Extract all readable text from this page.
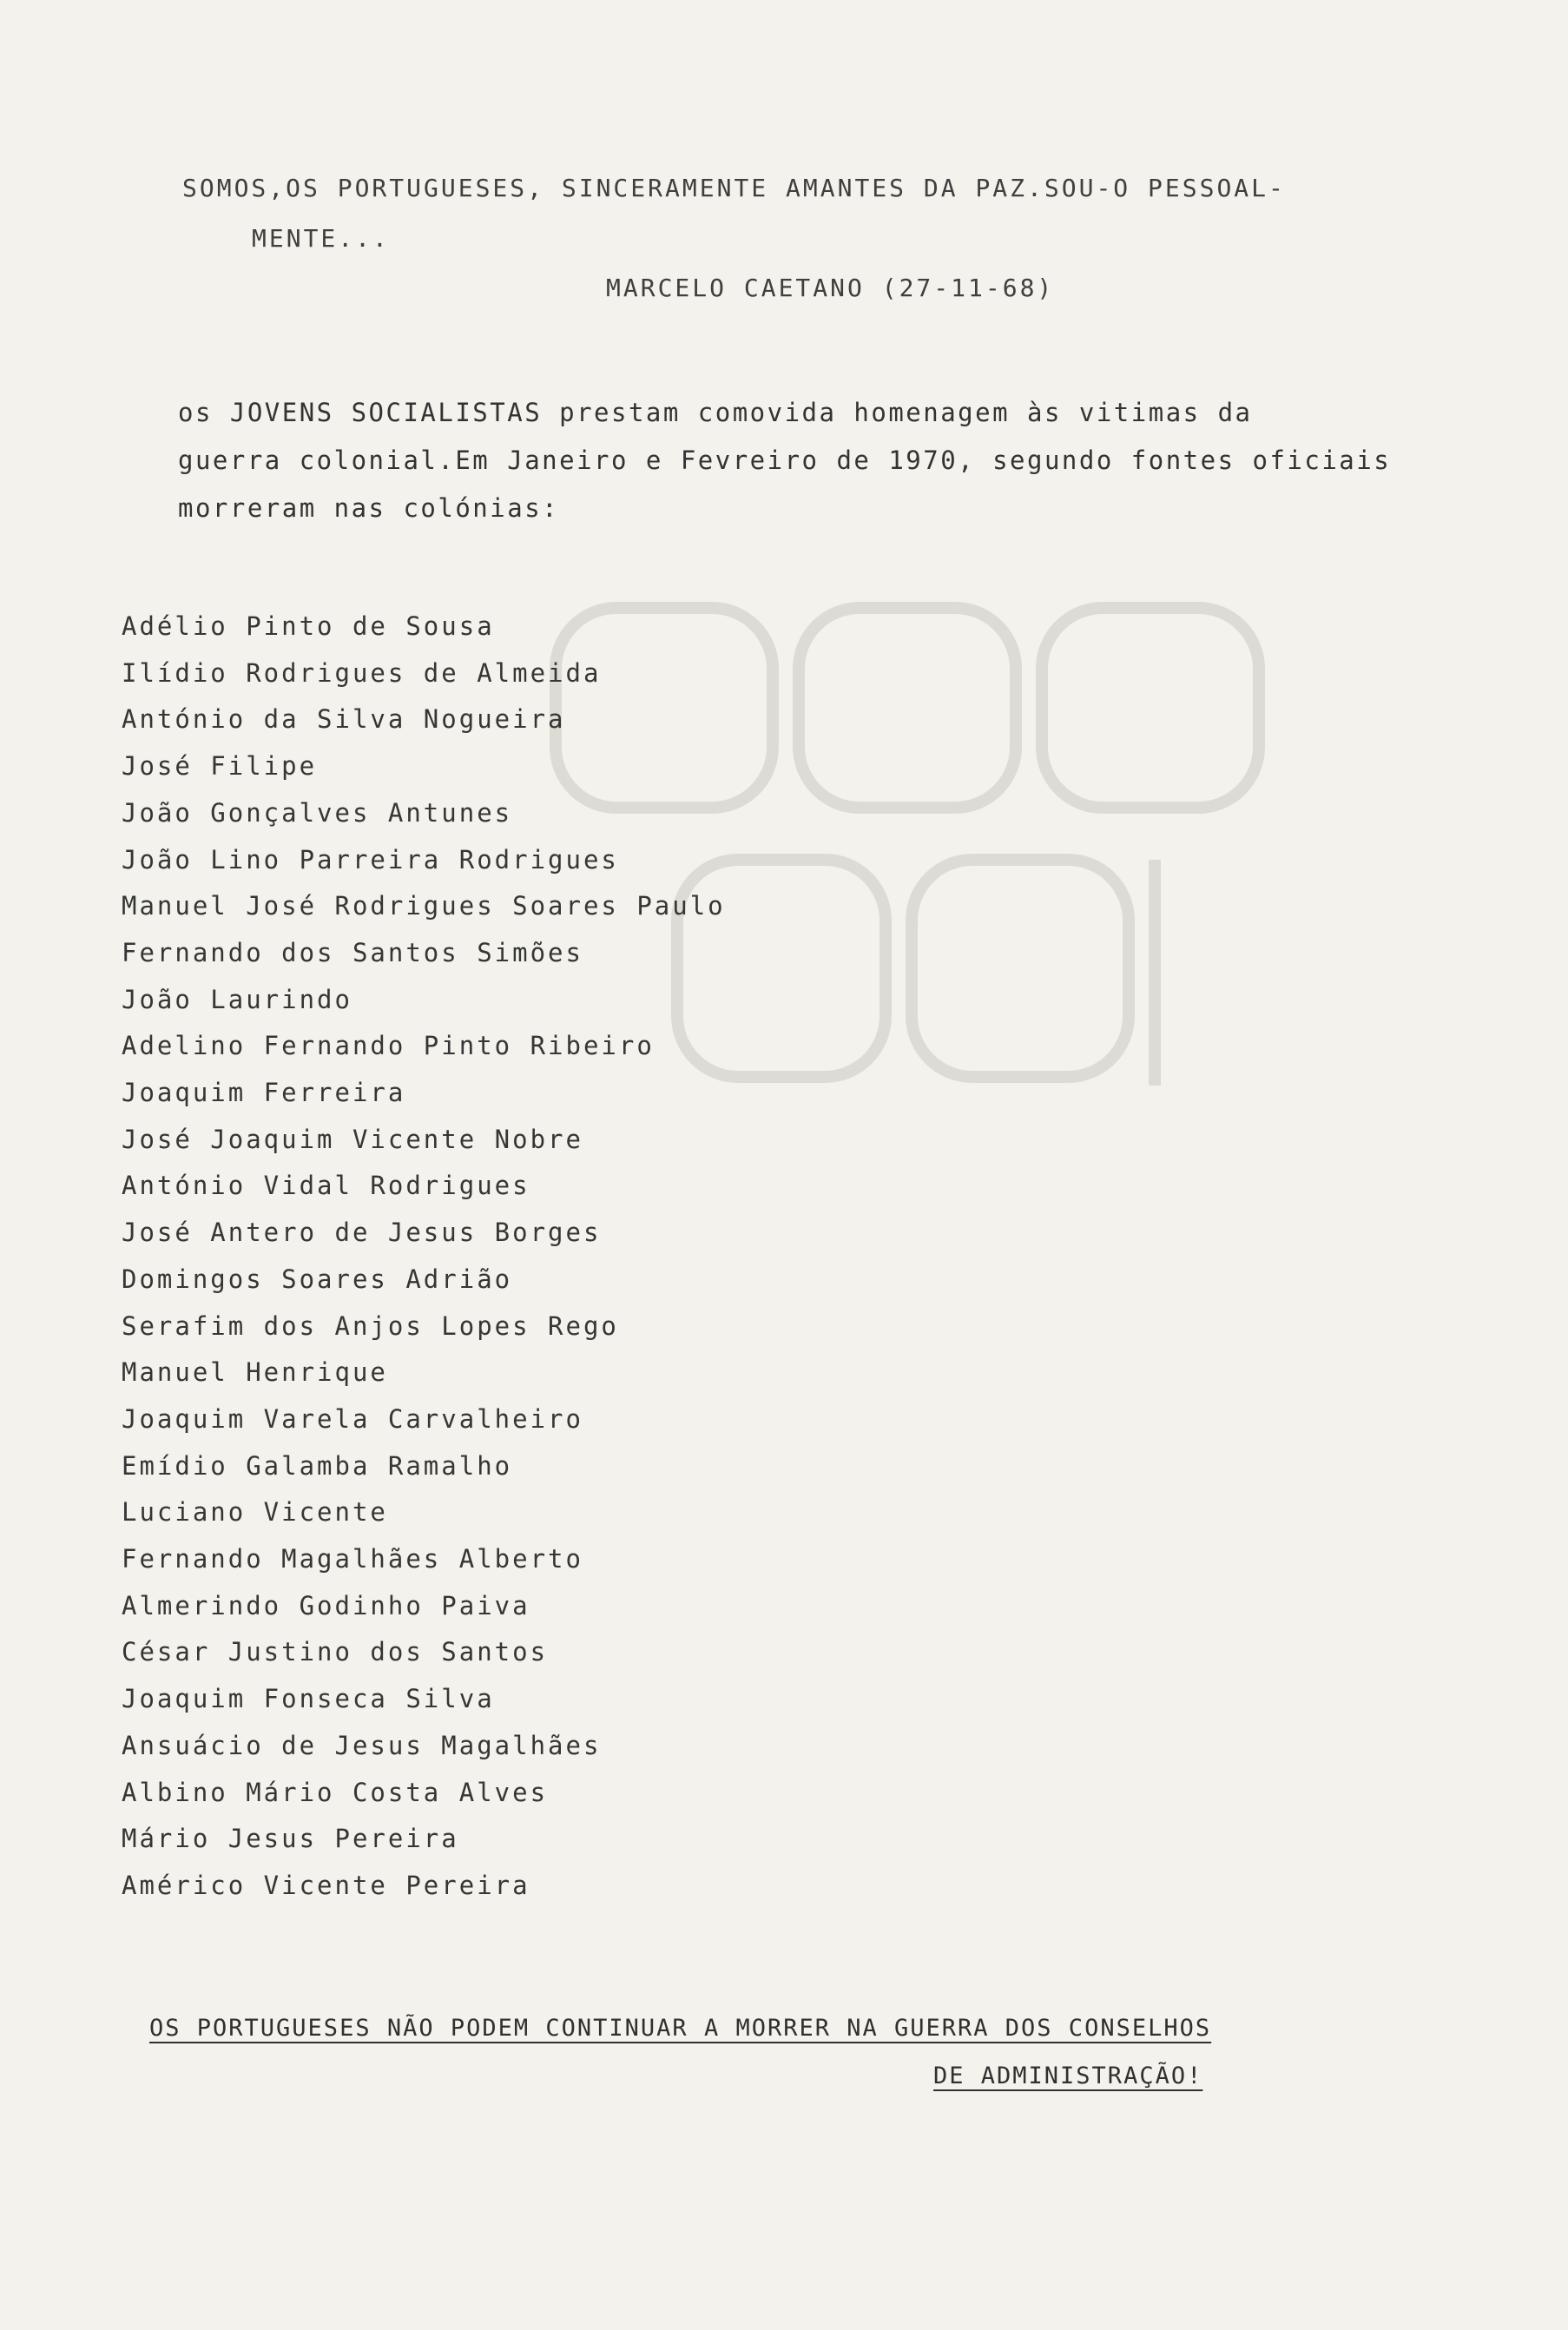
SOMOS,OS PORTUGUESES, SINCERAMENTE AMANTES DA PAZ.SOU-O PESSOAL-
MENTE...
MARCELO CAETANO (27-11-68)

os JOVENS SOCIALISTAS prestam comovida homenagem às vitimas da

guerra colonial.Em Janeiro e Fevreiro de 1970, segundo fontes oficiais

morreram nas colónias:

Adélio Pinto de Sousa
Ilídio Rodrigues de Almeida
António da Silva Nogueira
José Filipe
João Gonçalves Antunes
João Lino Parreira Rodrigues
Manuel José Rodrigues Soares Paulo
Fernando dos Santos Simões
João Laurindo
Adelino Fernando Pinto Ribeiro
Joaquim Ferreira
José Joaquim Vicente Nobre
António Vidal Rodrigues
José Antero de Jesus Borges
Domingos Soares Adrião
Serafim dos Anjos Lopes Rego
Manuel Henrique
Joaquim Varela Carvalheiro
Emídio Galamba Ramalho
Luciano Vicente
Fernando Magalhães Alberto
Almerindo Godinho Paiva
César Justino dos Santos
Joaquim Fonseca Silva
Ansuácio de Jesus Magalhães
Albino Mário Costa Alves
Mário Jesus Pereira
Américo Vicente Pereira
OS PORTUGUESES NÃO PODEM CONTINUAR A MORRER NA GUERRA DOS CONSELHOS
DE ADMINISTRAÇÃO!
